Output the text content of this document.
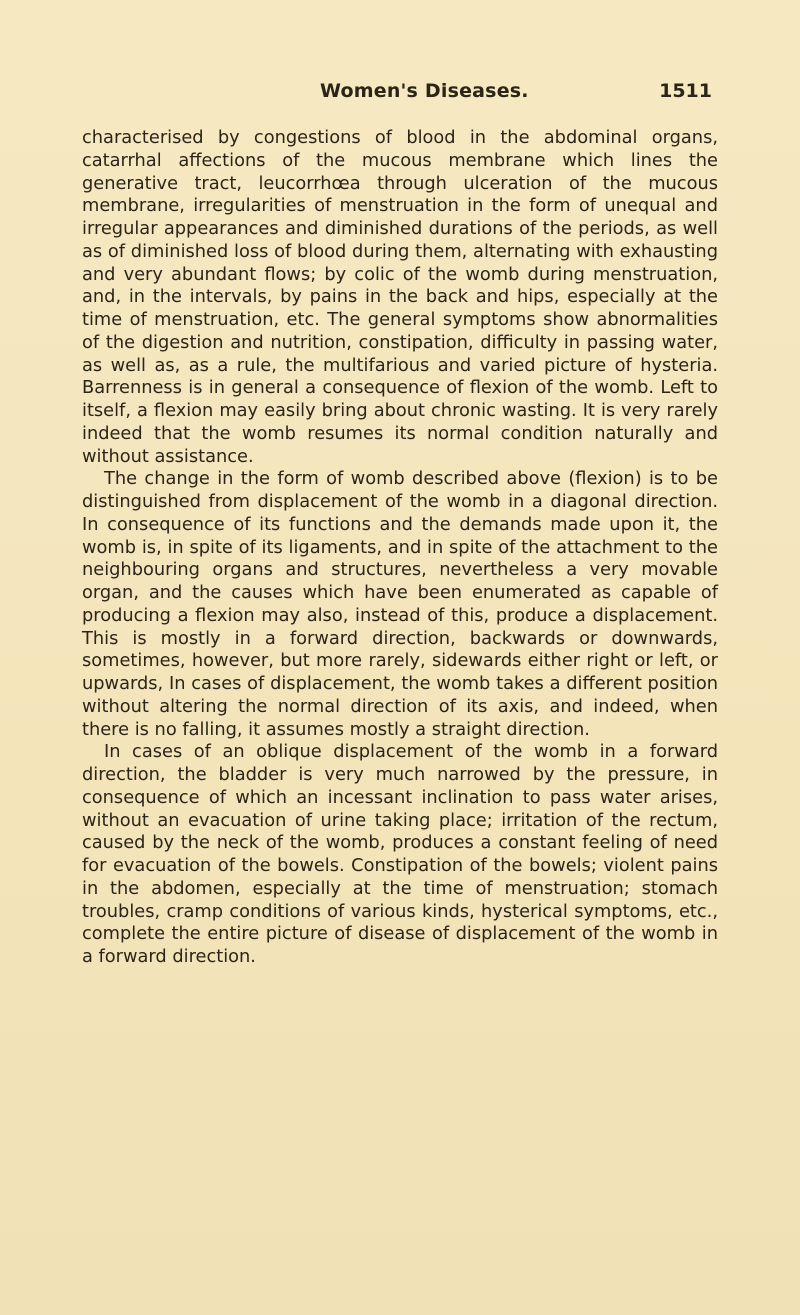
Women's Diseases.	1511

characterised by congestions of blood in the abdominal organs, catarrhal affections of the mucous membrane which lines the generative tract, leucorrhœa through ulceration of the mucous membrane, irregularities of menstruation in the form of unequal and irregular appearances and diminished durations of the periods, as well as of diminished loss of blood during them, alternating with exhausting and very abundant flows; by colic of the womb during menstruation, and, in the intervals, by pains in the back and hips, especially at the time of menstruation, etc. The general symptoms show abnormalities of the digestion and nutrition, constipation, difficulty in passing water, as well as, as a rule, the multifarious and varied picture of hysteria. Barrenness is in general a consequence of flexion of the womb. Left to itself, a flexion may easily bring about chronic wasting. It is very rarely indeed that the womb resumes its normal condition naturally and without assistance.

The change in the form of womb described above (flexion) is to be distinguished from displacement of the womb in a diagonal direction. In consequence of its functions and the demands made upon it, the womb is, in spite of its ligaments, and in spite of the attachment to the neighbouring organs and structures, nevertheless a very movable organ, and the causes which have been enumerated as capable of producing a flexion may also, instead of this, produce a displacement. This is mostly in a forward direction, backwards or downwards, sometimes, however, but more rarely, sidewards either right or left, or upwards, In cases of displacement, the womb takes a different position without altering the normal direction of its axis, and indeed, when there is no falling, it assumes mostly a straight direction.

In cases of an oblique displacement of the womb in a forward direction, the bladder is very much narrowed by the pressure, in consequence of which an incessant inclination to pass water arises, without an evacuation of urine taking place; irritation of the rectum, caused by the neck of the womb, produces a constant feeling of need for evacuation of the bowels. Constipation of the bowels; violent pains in the abdomen, especially at the time of menstruation; stomach troubles, cramp conditions of various kinds, hysterical symptoms, etc., complete the entire picture of disease of displacement of the womb in a forward direction.
